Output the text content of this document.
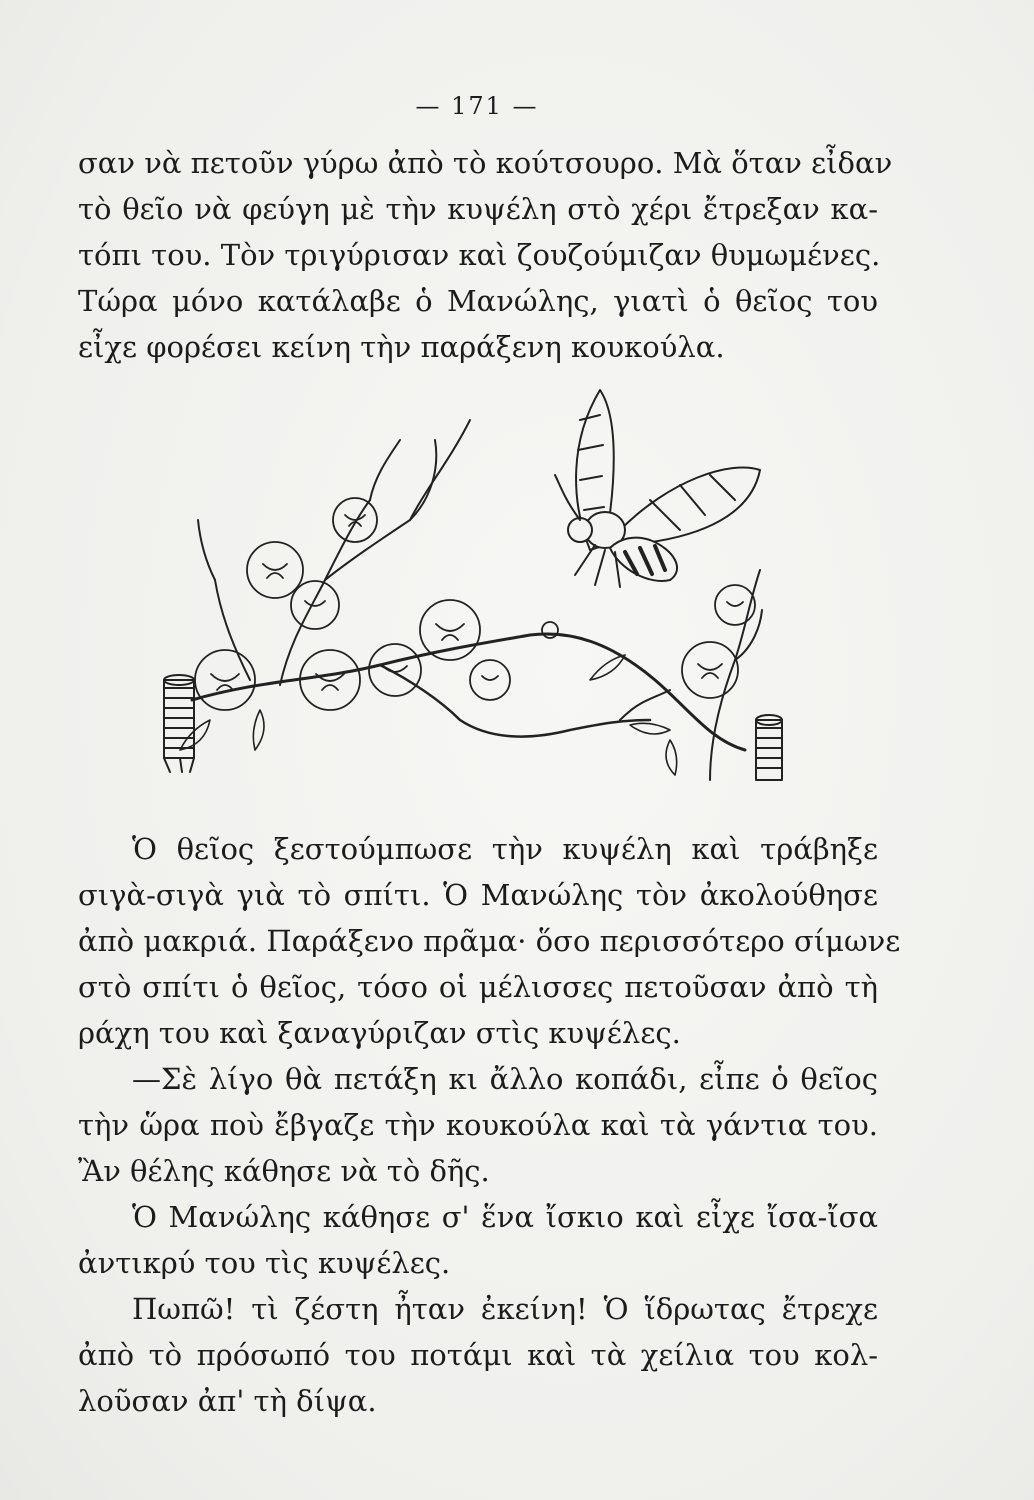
— 171 —

σαν νὰ πετοῦν γύρω ἀπὸ τὸ κούτσουρο. Μὰ ὅταν εἶδαν
τὸ θεῖο νὰ φεύγη μὲ τὴν κυψέλη στὸ χέρι ἔτρεξαν κα-
τόπι του. Τὸν τριγύρισαν καὶ ζουζούμιζαν θυμωμένες.
Τώρα μόνο κατάλαβε ὁ Μανώλης, γιατὶ ὁ θεῖος του
εἶχε φορέσει κείνη τὴν παράξενη κουκούλα.

Ὁ θεῖος ξεστούμπωσε τὴν κυψέλη καὶ τράβηξε
σιγὰ-σιγὰ γιὰ τὸ σπίτι. Ὁ Μανώλης τὸν ἀκολούθησε
ἀπὸ μακριά. Παράξενο πρᾶμα· ὅσο περισσότερο σίμωνε
στὸ σπίτι ὁ θεῖος, τόσο οἱ μέλισσες πετοῦσαν ἀπὸ τὴ
ράχη του καὶ ξαναγύριζαν στὶς κυψέλες.

—Σὲ λίγο θὰ πετάξη κι ἄλλο κοπάδι, εἶπε ὁ θεῖος
τὴν ὥρα ποὺ ἔβγαζε τὴν κουκούλα καὶ τὰ γάντια του.
Ἂν θέλης κάθησε νὰ τὸ δῆς.

Ὁ Μανώλης κάθησε σ' ἕνα ἴσκιο καὶ εἶχε ἴσα-ἴσα
ἀντικρύ του τὶς κυψέλες.

Πωπῶ! τὶ ζέστη ἦταν ἐκείνη! Ὁ ἵδρωτας ἔτρεχε
ἀπὸ τὸ πρόσωπό του ποτάμι καὶ τὰ χείλια του κολ-
λοῦσαν ἀπ' τὴ δίψα.
